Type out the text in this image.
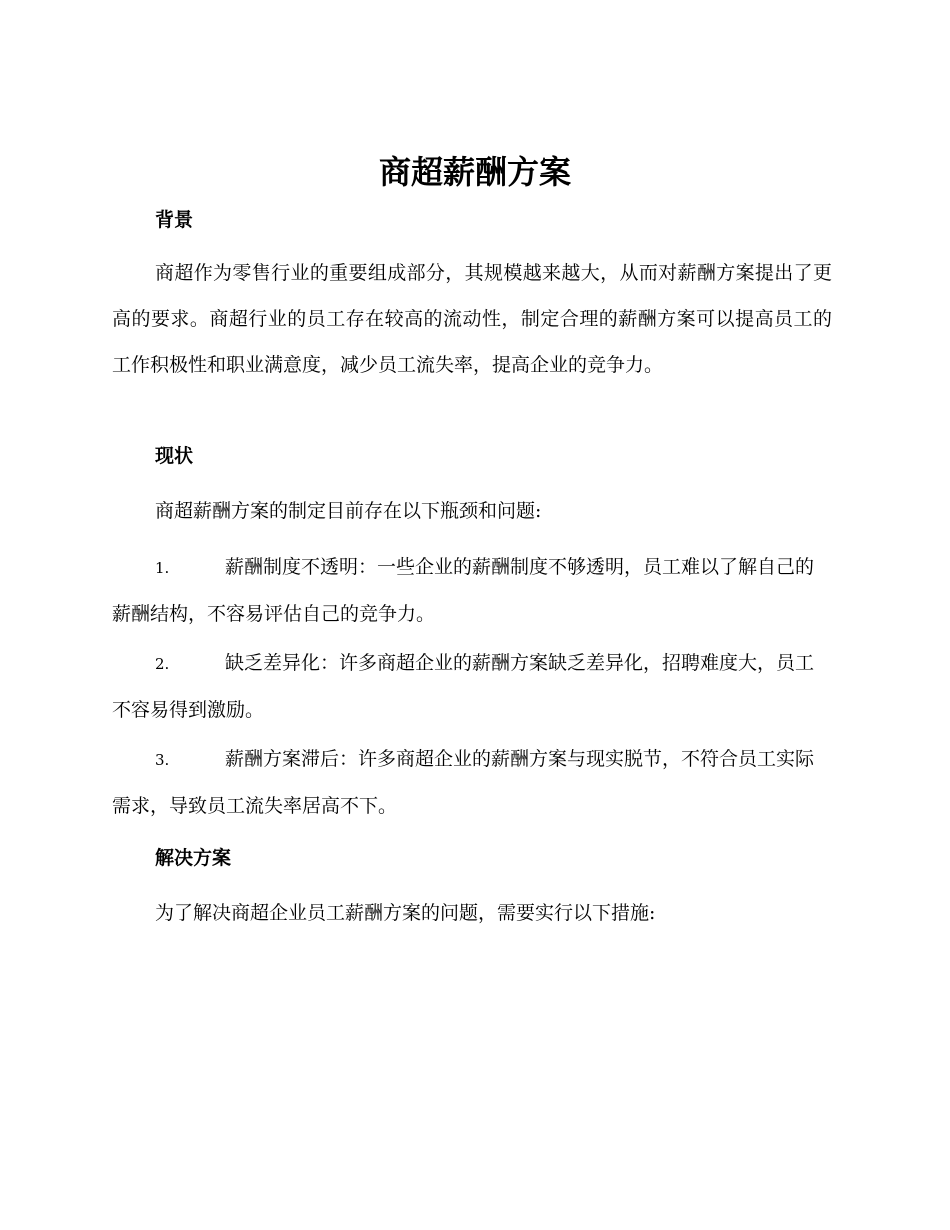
商超薪酬方案
背景

商超作为零售行业的重要组成部分，其规模越来越大，从而对薪酬方案提出了更高的要求。商超行业的员工存在较高的流动性，制定合理的薪酬方案可以提高员工的工作积极性和职业满意度，减少员工流失率，提高企业的竞争力。

现状

商超薪酬方案的制定目前存在以下瓶颈和问题:

1.	薪酬制度不透明：一些企业的薪酬制度不够透明，员工难以了解自己的薪酬结构，不容易评估自己的竞争力。

2.	缺乏差异化：许多商超企业的薪酬方案缺乏差异化，招聘难度大，员工不容易得到激励。

3.	薪酬方案滞后：许多商超企业的薪酬方案与现实脱节，不符合员工实际需求，导致员工流失率居高不下。

解决方案

为了解决商超企业员工薪酬方案的问题，需要实行以下措施:
